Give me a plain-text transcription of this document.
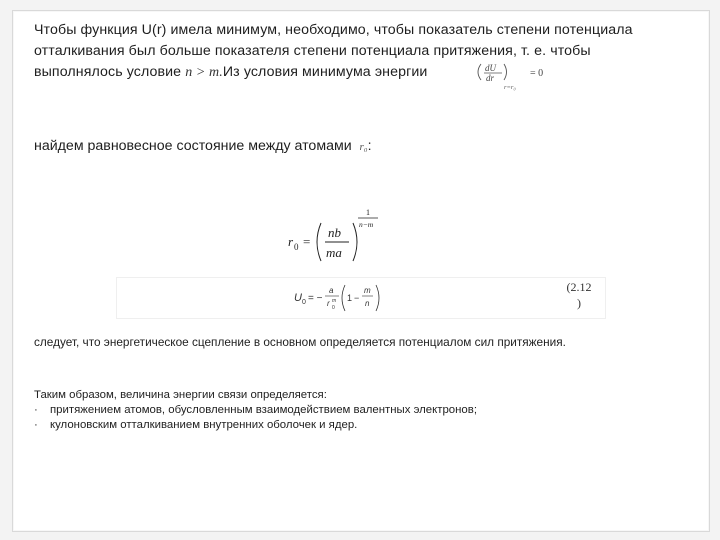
Чтобы функция U(r) имела минимум, необходимо, чтобы показатель степени потенциала
отталкивания был больше показателя степени потенциала притяжения, т. е. чтобы
выполнялось условие n > m.Из условия минимума энергии	dU
dr
r=r₀
= 0
найдем равновесное состояние между атомами r₀:
r 0 =
nb
ma
1
n−m
U 0 = −
a
r m
0
1 −
m
n
(2.12
)
следует, что энергетическое сцепление в основном определяется потенциалом сил притяжения.
Таким образом, величина энергии связи определяется:
·	притяжением атомов, обусловленным взаимодействием валентных электронов;
·	кулоновским отталкиванием внутренних оболочек и ядер.
